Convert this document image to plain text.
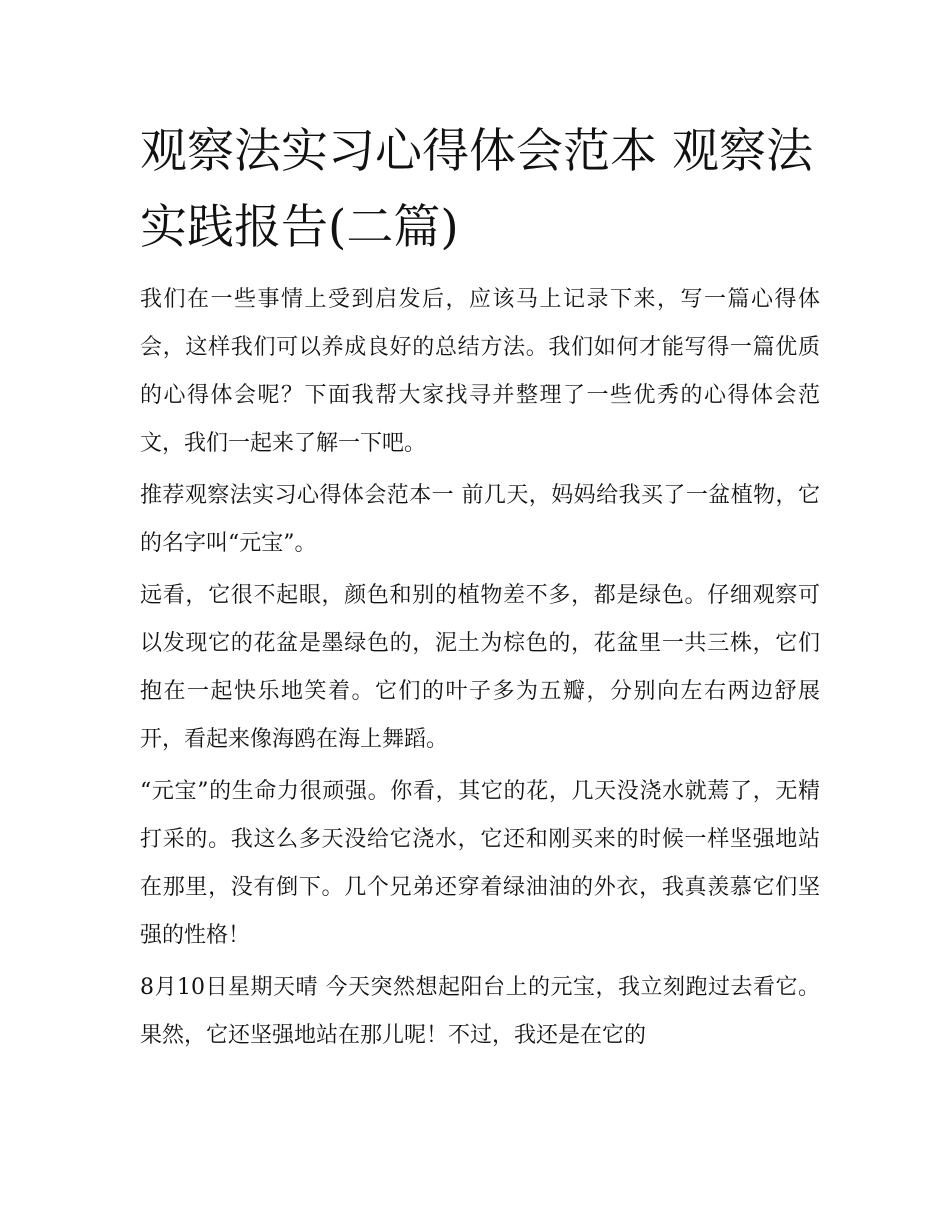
观察法实习心得体会范本 观察法实践报告(二篇)

我们在一些事情上受到启发后，应该马上记录下来，写一篇心得体会，这样我们可以养成良好的总结方法。我们如何才能写得一篇优质的心得体会呢？下面我帮大家找寻并整理了一些优秀的心得体会范文，我们一起来了解一下吧。

推荐观察法实习心得体会范本一 前几天，妈妈给我买了一盆植物，它的名字叫“元宝”。

远看，它很不起眼，颜色和别的植物差不多，都是绿色。仔细观察可以发现它的花盆是墨绿色的，泥土为棕色的，花盆里一共三株，它们抱在一起快乐地笑着。它们的叶子多为五瓣，分别向左右两边舒展开，看起来像海鸥在海上舞蹈。

“元宝”的生命力很顽强。你看，其它的花，几天没浇水就蔫了，无精打采的。我这么多天没给它浇水，它还和刚买来的时候一样坚强地站在那里，没有倒下。几个兄弟还穿着绿油油的外衣，我真羡慕它们坚强的性格！

8月10日星期天晴 今天突然想起阳台上的元宝，我立刻跑过去看它。果然，它还坚强地站在那儿呢！不过，我还是在它的
